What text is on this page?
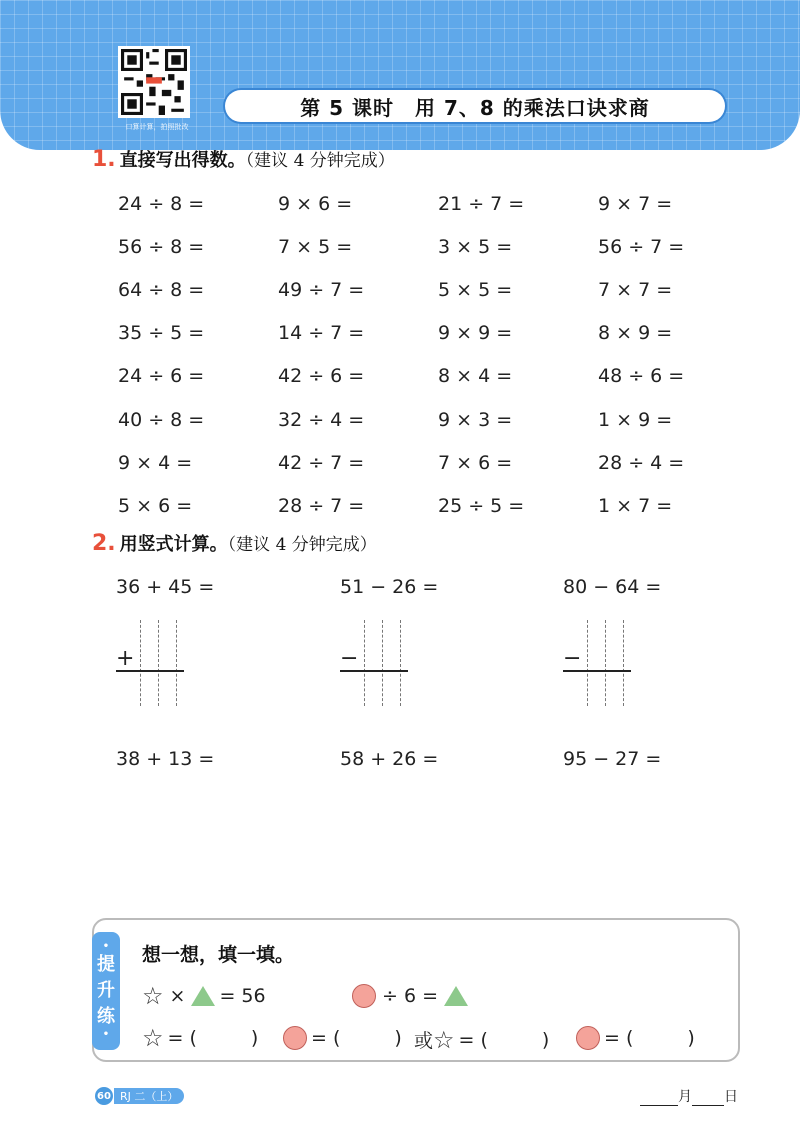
口算计算，拍照批改
第 5 课时　用 7、8 的乘法口诀求商
1. 直接写出得数。（建议 4 分钟完成）
24 ÷ 8 =	9 × 6 =	21 ÷ 7 =	9 × 7 =
56 ÷ 8 =	7 × 5 =	3 × 5 =	56 ÷ 7 =
64 ÷ 8 =	49 ÷ 7 =	5 × 5 =	7 × 7 =
35 ÷ 5 =	14 ÷ 7 =	9 × 9 =	8 × 9 =
24 ÷ 6 =	42 ÷ 6 =	8 × 4 =	48 ÷ 6 =
40 ÷ 8 =	32 ÷ 4 =	9 × 3 =	1 × 9 =
9 × 4 =	42 ÷ 7 =	7 × 6 =	28 ÷ 4 =
5 × 6 =	28 ÷ 7 =	25 ÷ 5 =	1 × 7 =
2. 用竖式计算。（建议 4 分钟完成）
36 + 45 =	51 − 26 =	80 − 64 =
+	−	−
38 + 13 =	58 + 26 =	95 − 27 =
•
提
升
练
•
想一想，填一填。
☆ × = 56	÷ 6 =
☆ = (	)	= (	) 或 ☆ = (	)	= (	)
60 RJ 二（上）	月 日
